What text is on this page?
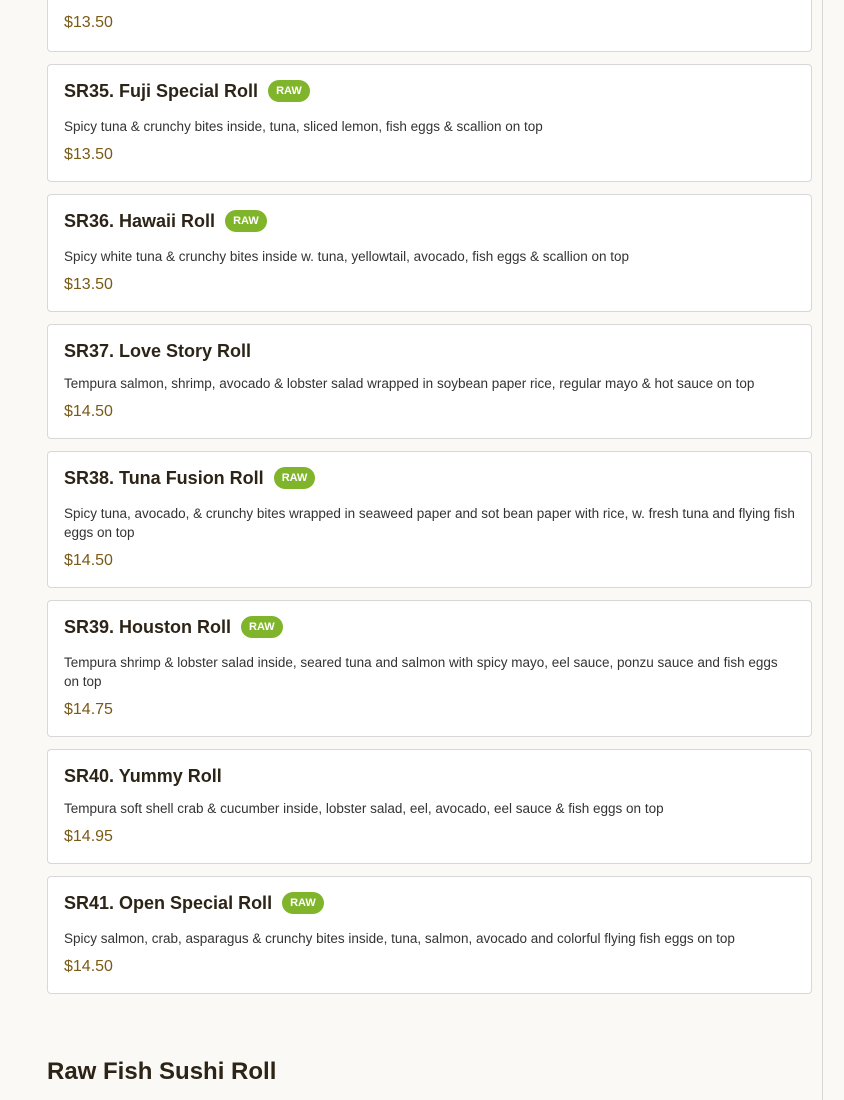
$13.50
SR35. Fuji Special Roll	RAW
Spicy tuna & crunchy bites inside, tuna, sliced lemon, fish eggs & scallion on top
$13.50
SR36. Hawaii Roll	RAW
Spicy white tuna & crunchy bites inside w. tuna, yellowtail, avocado, fish eggs & scallion on top
$13.50
SR37. Love Story Roll
Tempura salmon, shrimp, avocado & lobster salad wrapped in soybean paper rice, regular mayo & hot sauce on top
$14.50
SR38. Tuna Fusion Roll	RAW
Spicy tuna, avocado, & crunchy bites wrapped in seaweed paper and sot bean paper with rice, w. fresh tuna and flying fish eggs on top
$14.50
SR39. Houston Roll	RAW
Tempura shrimp & lobster salad inside, seared tuna and salmon with spicy mayo, eel sauce, ponzu sauce and fish eggs on top
$14.75
SR40. Yummy Roll
Tempura soft shell crab & cucumber inside, lobster salad, eel, avocado, eel sauce & fish eggs on top
$14.95
SR41. Open Special Roll	RAW
Spicy salmon, crab, asparagus & crunchy bites inside, tuna, salmon, avocado and colorful flying fish eggs on top
$14.50
Raw Fish Sushi Roll
